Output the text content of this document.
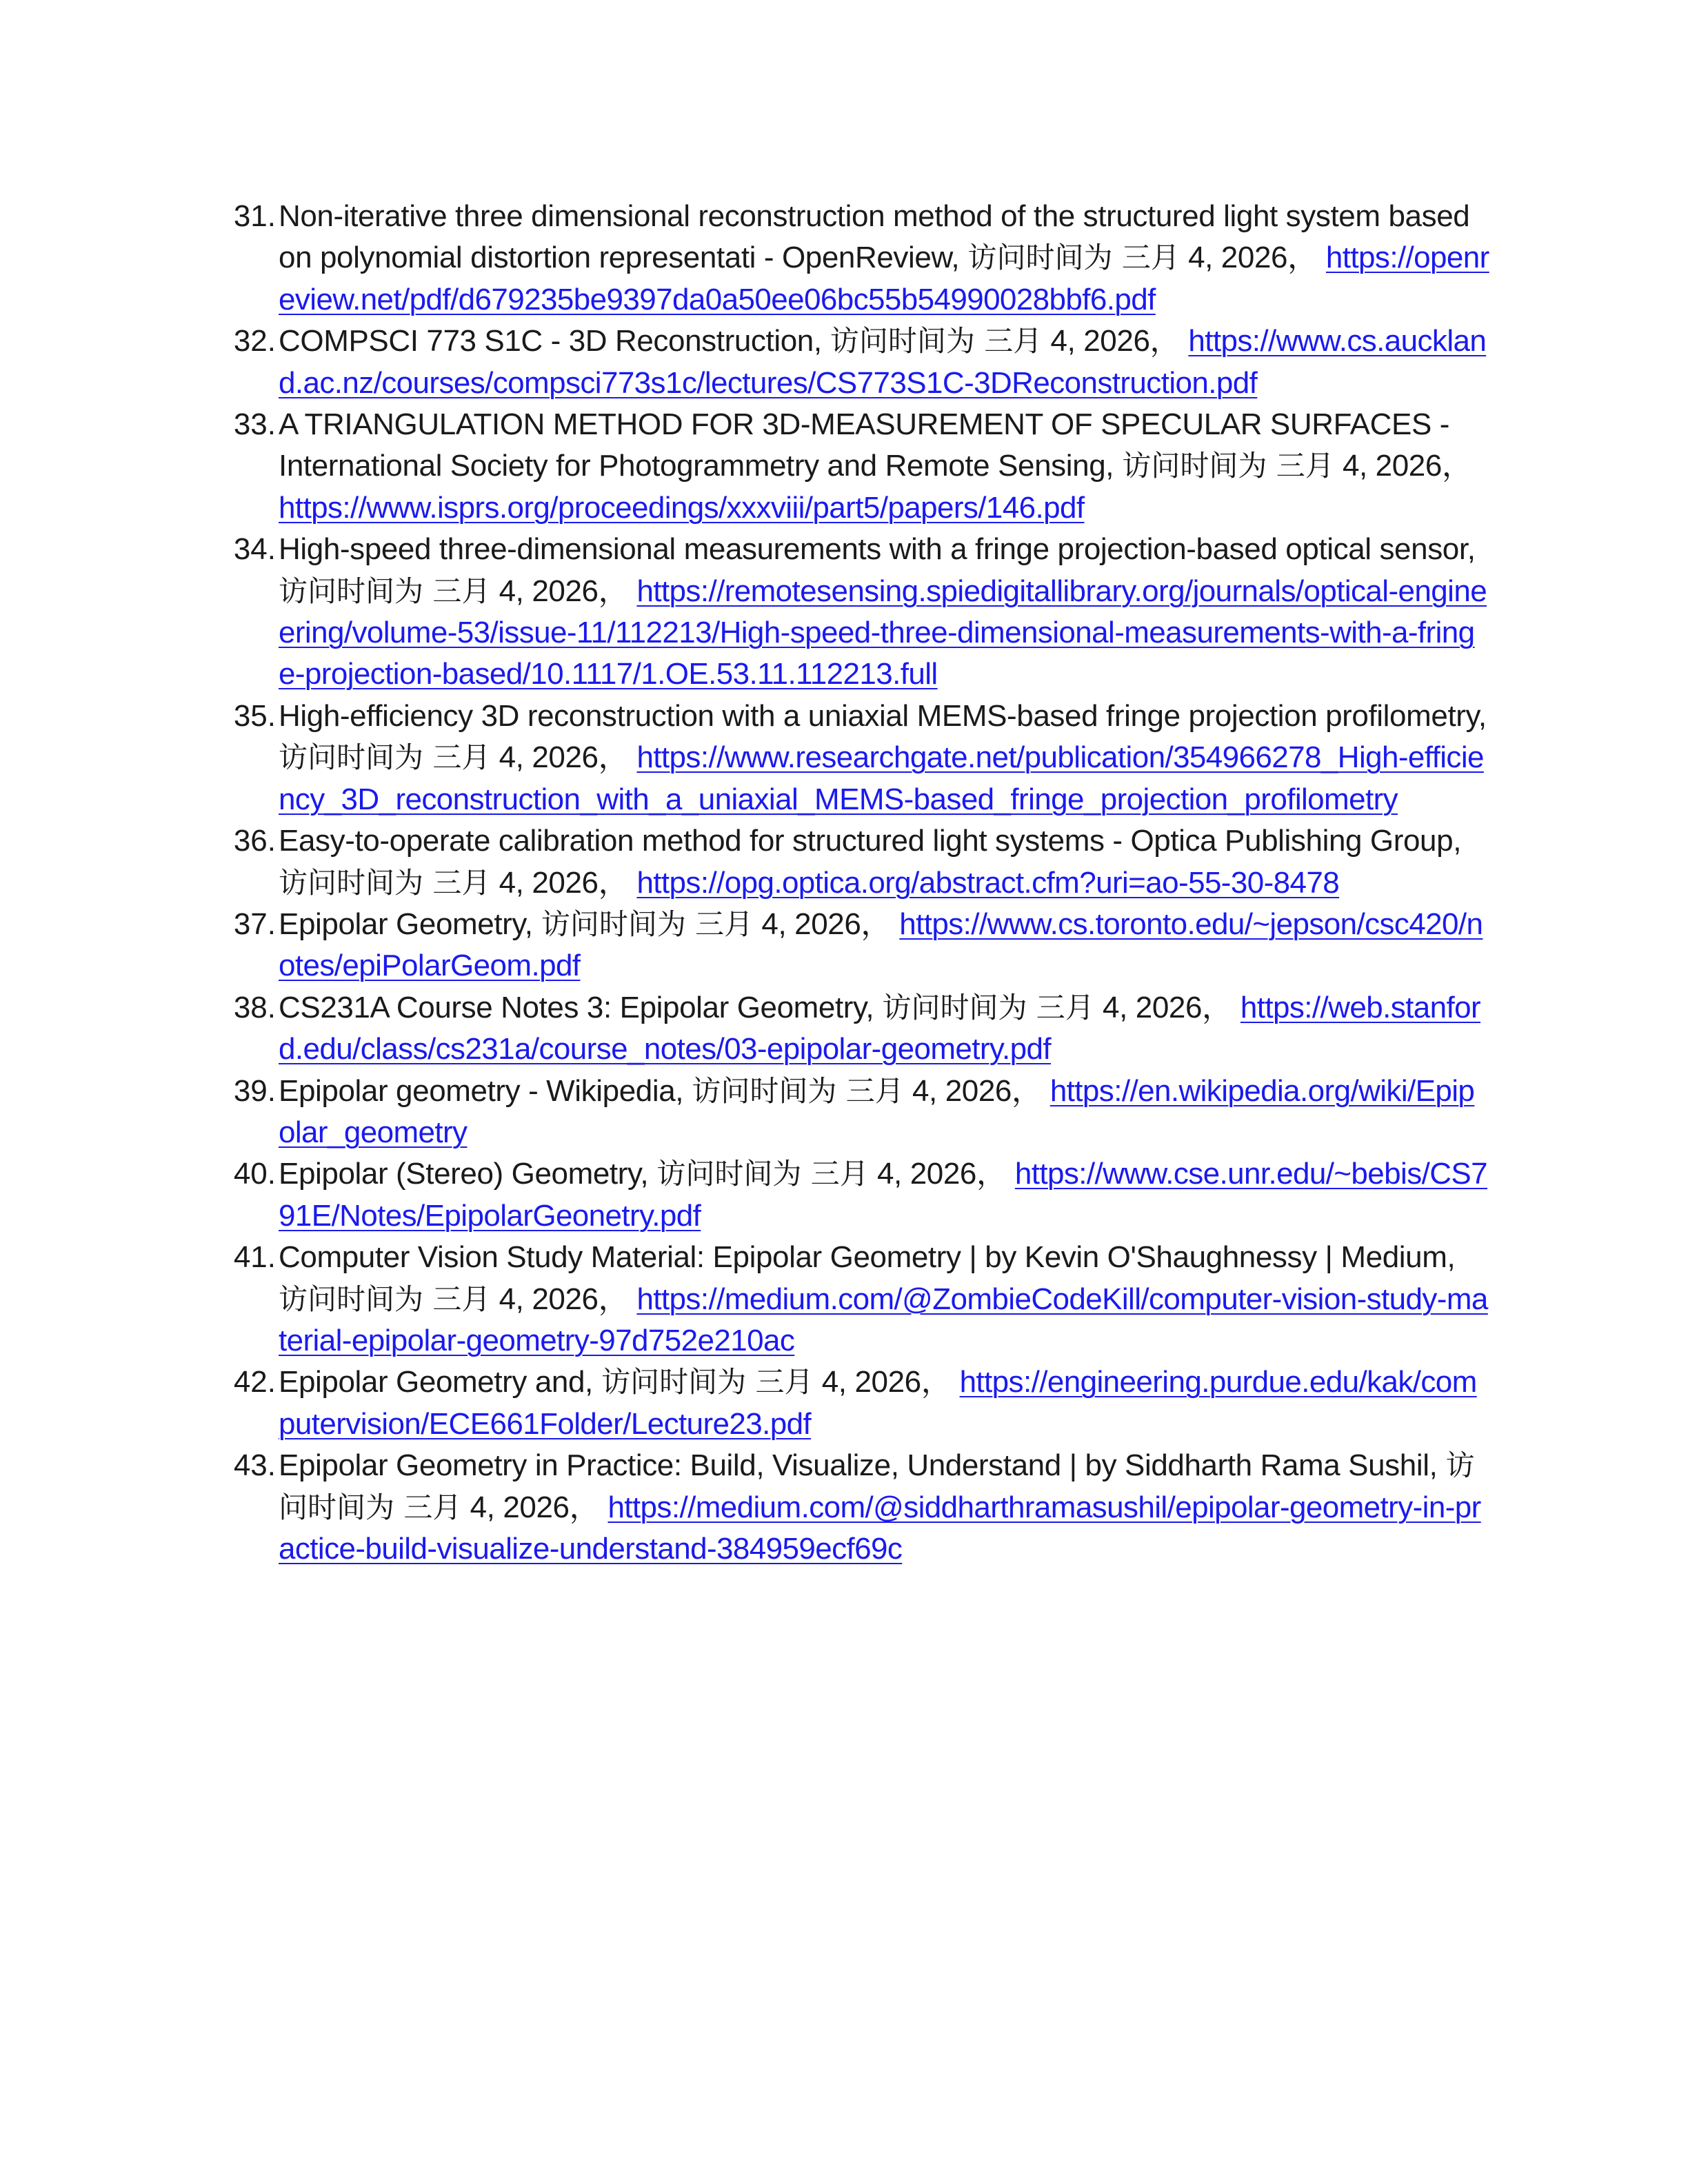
31. Non-iterative three dimensional reconstruction method of the structured light system based on polynomial distortion representati - OpenReview, 访问时间为 三月 4, 2026， https://openreview.net/pdf/d679235be9397da0a50ee06bc55b54990028bbf6.pdf
32. COMPSCI 773 S1C - 3D Reconstruction, 访问时间为 三月 4, 2026， https://www.cs.auckland.ac.nz/courses/compsci773s1c/lectures/CS773S1C-3DReconstruction.pdf
33. A TRIANGULATION METHOD FOR 3D-MEASUREMENT OF SPECULAR SURFACES - International Society for Photogrammetry and Remote Sensing, 访问时间为 三月 4, 2026， https://www.isprs.org/proceedings/xxxviii/part5/papers/146.pdf
34. High-speed three-dimensional measurements with a fringe projection-based optical sensor, 访问时间为 三月 4, 2026， https://remotesensing.spiedigitallibrary.org/journals/optical-engineering/volume-53/issue-11/112213/High-speed-three-dimensional-measurements-with-a-fringe-projection-based/10.1117/1.OE.53.11.112213.full
35. High-efficiency 3D reconstruction with a uniaxial MEMS-based fringe projection profilometry, 访问时间为 三月 4, 2026， https://www.researchgate.net/publication/354966278_High-efficiency_3D_reconstruction_with_a_uniaxial_MEMS-based_fringe_projection_profilometry
36. Easy-to-operate calibration method for structured light systems - Optica Publishing Group, 访问时间为 三月 4, 2026， https://opg.optica.org/abstract.cfm?uri=ao-55-30-8478
37. Epipolar Geometry, 访问时间为 三月 4, 2026， https://www.cs.toronto.edu/~jepson/csc420/notes/epiPolarGeom.pdf
38. CS231A Course Notes 3: Epipolar Geometry, 访问时间为 三月 4, 2026， https://web.stanford.edu/class/cs231a/course_notes/03-epipolar-geometry.pdf
39. Epipolar geometry - Wikipedia, 访问时间为 三月 4, 2026， https://en.wikipedia.org/wiki/Epipolar_geometry
40. Epipolar (Stereo) Geometry, 访问时间为 三月 4, 2026， https://www.cse.unr.edu/~bebis/CS791E/Notes/EpipolarGeonetry.pdf
41. Computer Vision Study Material: Epipolar Geometry | by Kevin O'Shaughnessy | Medium, 访问时间为 三月 4, 2026， https://medium.com/@ZombieCodeKill/computer-vision-study-material-epipolar-geometry-97d752e210ac
42. Epipolar Geometry and, 访问时间为 三月 4, 2026， https://engineering.purdue.edu/kak/computervision/ECE661Folder/Lecture23.pdf
43. Epipolar Geometry in Practice: Build, Visualize, Understand | by Siddharth Rama Sushil, 访问时间为 三月 4, 2026， https://medium.com/@siddharthramasushil/epipolar-geometry-in-practice-build-visualize-understand-384959ecf69c
